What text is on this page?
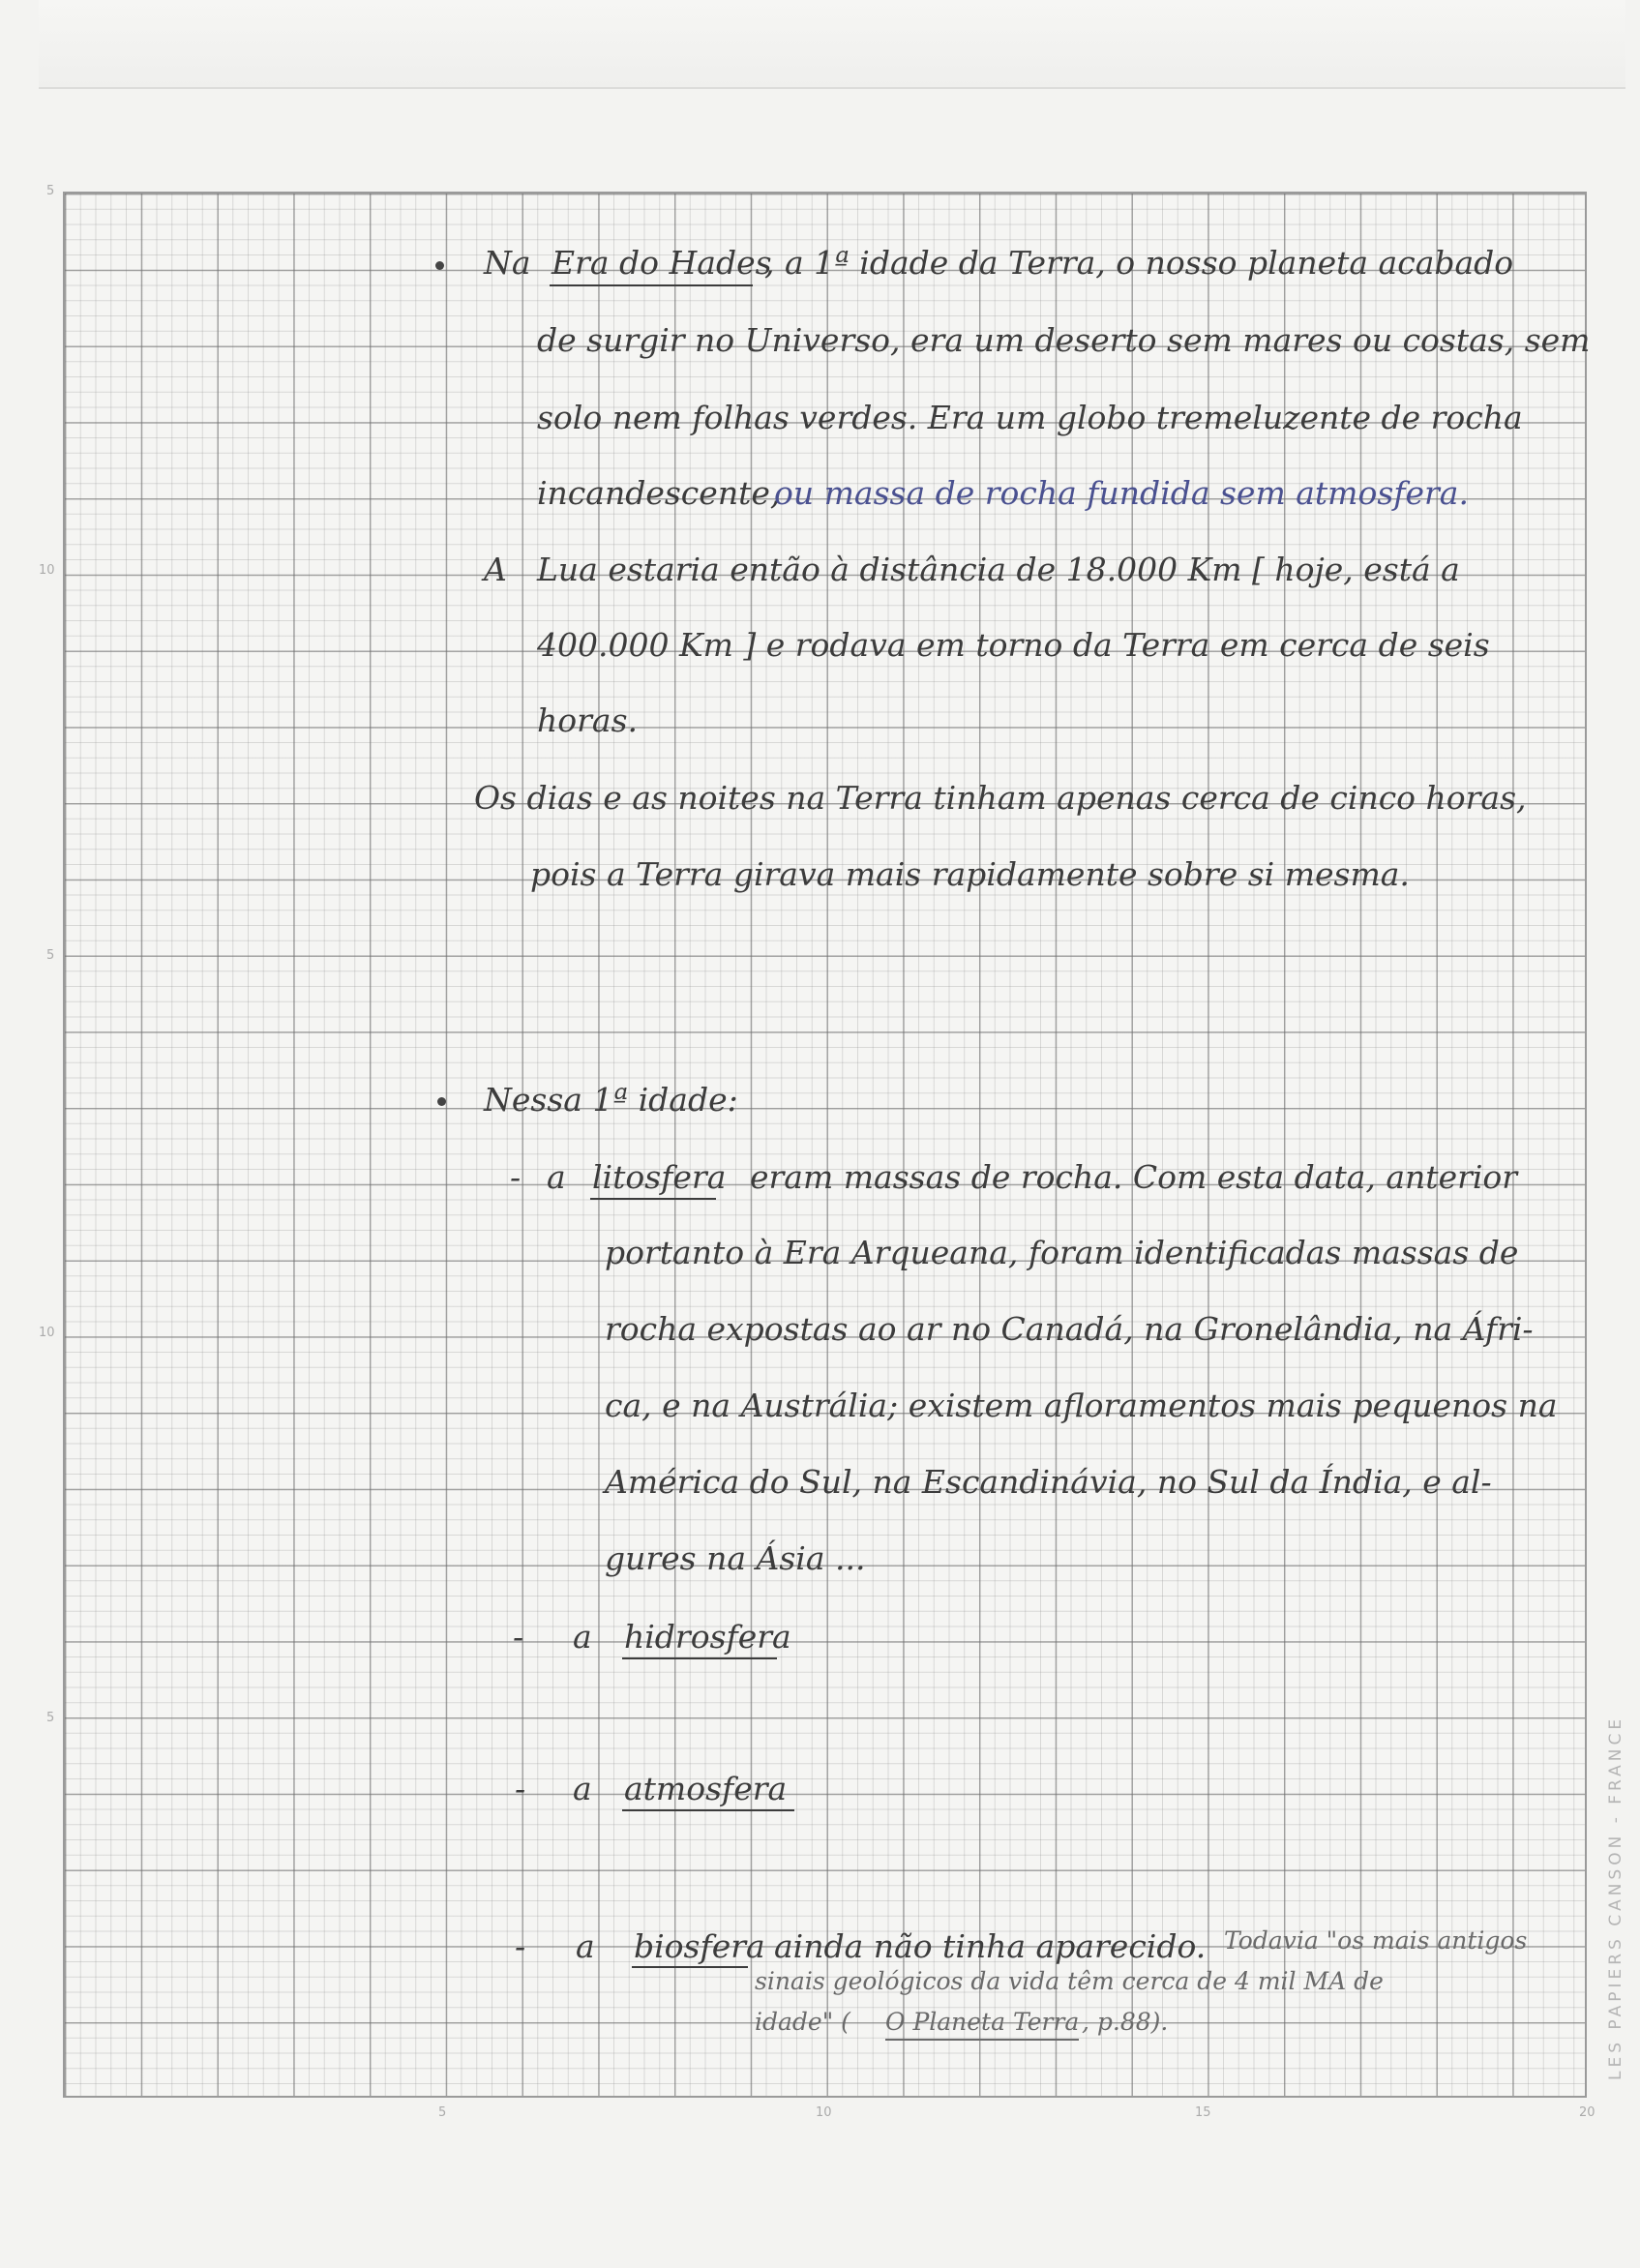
5
10
5
10
5
5	10	15	20
LES PAPIERS CANSON - FRANCE
Na Era do Hades
, a 1ª idade da Terra, o nosso planeta acabado
de surgir no Universo, era um deserto sem mares ou costas, sem
solo nem folhas verdes. Era um globo tremeluzente de rocha
incandescente,
ou massa de rocha fundida sem atmosfera.
A Lua estaria então à distância de 18.000 Km [ hoje, está a
400.000 Km ] e rodava em torno da Terra em cerca de seis
horas.
Os dias e as noites na Terra tinham apenas cerca de cinco horas,
pois a Terra girava mais rapidamente sobre si mesma.
Nessa 1ª idade:
- a litosfera eram massas de rocha. Com esta data, anterior
portanto à Era Arqueana, foram identificadas massas de
rocha expostas ao ar no Canadá, na Gronelândia, na Áfri-
ca, e na Austrália; existem afloramentos mais pequenos na
América do Sul, na Escandinávia, no Sul da Índia, e al-
gures na Ásia ...
- a hidrosfera
- a atmosfera
- a biosfera ainda não tinha aparecido. Todavia "os mais antigos
sinais geológicos da vida têm cerca de 4 mil MA de
idade" ( O Planeta Terra , p.88).
